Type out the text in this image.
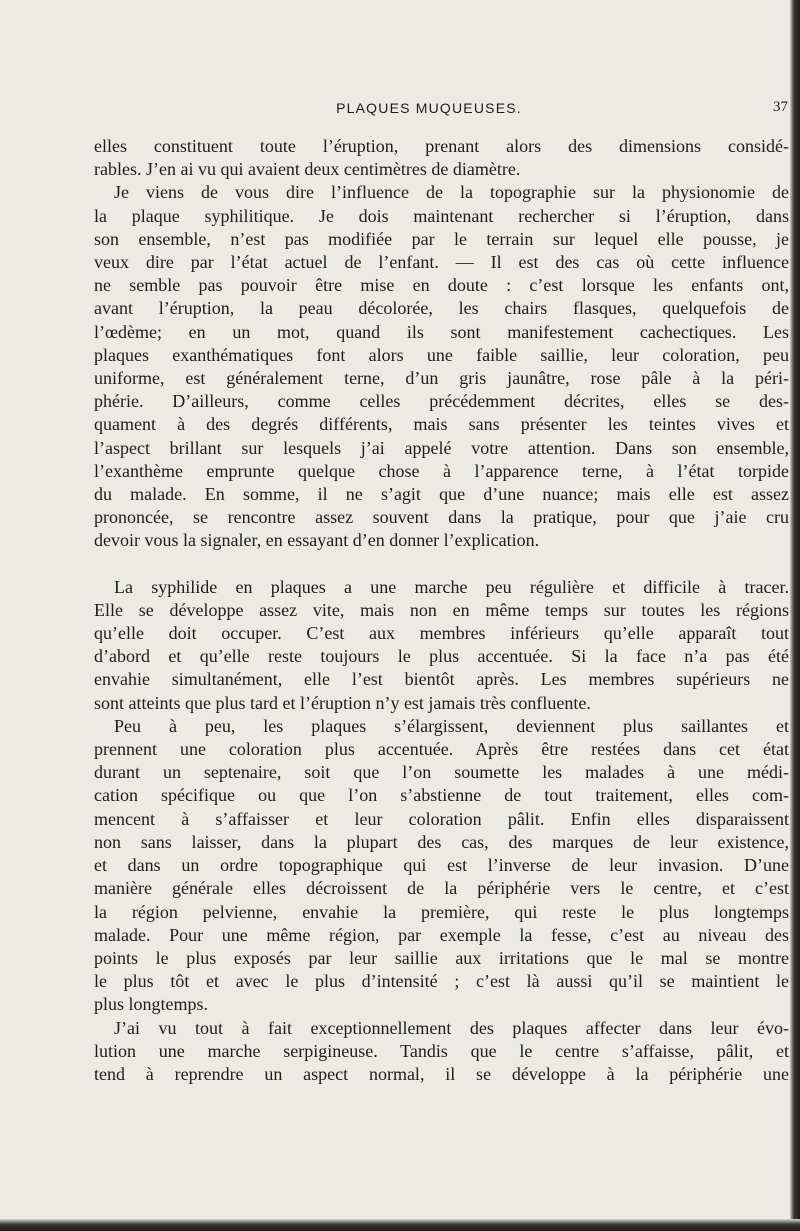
PLAQUES MUQUEUSES.	37

elles constituent toute l’éruption, prenant alors des dimensions considé-
rables. J’en ai vu qui avaient deux centimètres de diamètre.

Je viens de vous dire l’influence de la topographie sur la physionomie de
la plaque syphilitique. Je dois maintenant rechercher si l’éruption, dans
son ensemble, n’est pas modifiée par le terrain sur lequel elle pousse, je
veux dire par l’état actuel de l’enfant. — Il est des cas où cette influence
ne semble pas pouvoir être mise en doute : c’est lorsque les enfants ont,
avant l’éruption, la peau décolorée, les chairs flasques, quelquefois de
l’œdème; en un mot, quand ils sont manifestement cachectiques. Les
plaques exanthématiques font alors une faible saillie, leur coloration, peu
uniforme, est généralement terne, d’un gris jaunâtre, rose pâle à la péri-
phérie. D’ailleurs, comme celles précédemment décrites, elles se des-
quament à des degrés différents, mais sans présenter les teintes vives et
l’aspect brillant sur lesquels j’ai appelé votre attention. Dans son ensemble,
l’exanthème emprunte quelque chose à l’apparence terne, à l’état torpide
du malade. En somme, il ne s’agit que d’une nuance; mais elle est assez
prononcée, se rencontre assez souvent dans la pratique, pour que j’aie cru
devoir vous la signaler, en essayant d’en donner l’explication.

La syphilide en plaques a une marche peu régulière et difficile à tracer.
Elle se développe assez vite, mais non en même temps sur toutes les régions
qu’elle doit occuper. C’est aux membres inférieurs qu’elle apparaît tout
d’abord et qu’elle reste toujours le plus accentuée. Si la face n’a pas été
envahie simultanément, elle l’est bientôt après. Les membres supérieurs ne
sont atteints que plus tard et l’éruption n’y est jamais très confluente.

Peu à peu, les plaques s’élargissent, deviennent plus saillantes et
prennent une coloration plus accentuée. Après être restées dans cet état
durant un septenaire, soit que l’on soumette les malades à une médi-
cation spécifique ou que l’on s’abstienne de tout traitement, elles com-
mencent à s’affaisser et leur coloration pâlit. Enfin elles disparaissent
non sans laisser, dans la plupart des cas, des marques de leur existence,
et dans un ordre topographique qui est l’inverse de leur invasion. D’une
manière générale elles décroissent de la périphérie vers le centre, et c’est
la région pelvienne, envahie la première, qui reste le plus longtemps
malade. Pour une même région, par exemple la fesse, c’est au niveau des
points le plus exposés par leur saillie aux irritations que le mal se montre
le plus tôt et avec le plus d’intensité ; c’est là aussi qu’il se maintient le
plus longtemps.

J’ai vu tout à fait exceptionnellement des plaques affecter dans leur évo-
lution une marche serpigineuse. Tandis que le centre s’affaisse, pâlit, et
tend à reprendre un aspect normal, il se développe à la périphérie une
